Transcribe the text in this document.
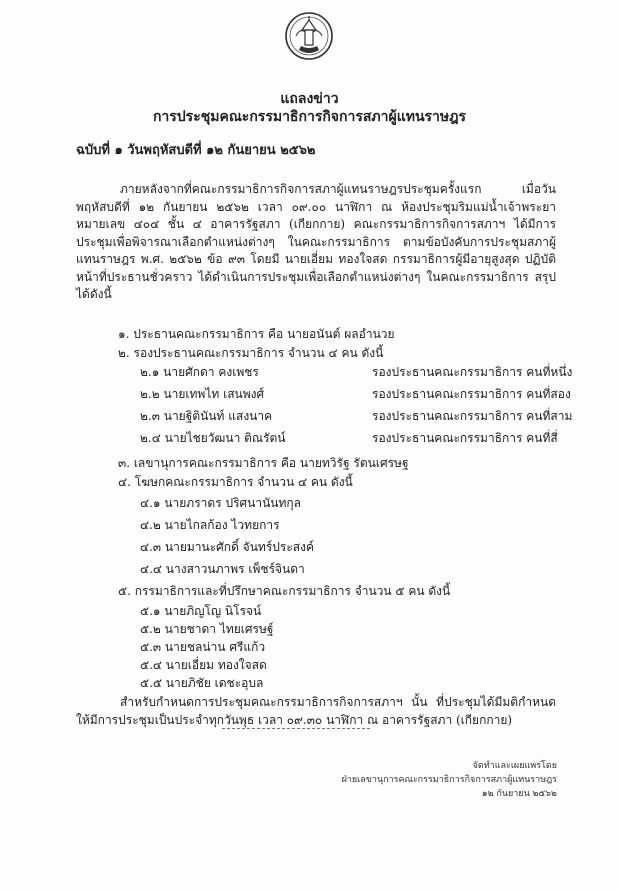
แถลงข่าว
การประชุมคณะกรรมาธิการกิจการสภาผู้แทนราษฎร
ฉบับที่ ๑ วันพฤหัสบดีที่ ๑๒ กันยายน ๒๕๖๒
ภายหลังจากที่คณะกรรมาธิการกิจการสภาผู้แทนราษฎรประชุมครั้งแรก เมื่อวันพฤหัสบดีที่ ๑๒ กันยายน ๒๕๖๒ เวลา ๐๙.๐๐ นาฬิกา ณ ห้องประชุมริมแม่น้ำเจ้าพระยา หมายเลข ๔๐๔ ชั้น ๔ อาคารรัฐสภา (เกียกกาย) คณะกรรมาธิการกิจการสภาฯ ได้มีการประชุมเพื่อพิจารณาเลือกตำแหน่งต่างๆ ในคณะกรรมาธิการ ตามข้อบังคับการประชุมสภาผู้แทนราษฎร พ.ศ. ๒๕๖๒ ข้อ ๙๓ โดยมี นายเอี่ยม ทองใจสด กรรมาธิการผู้มีอายุสูงสุด ปฏิบัติหน้าที่ประธานชั่วคราว ได้ดำเนินการประชุมเพื่อเลือกตำแหน่งต่างๆ ในคณะกรรมาธิการ สรุปได้ดังนี้
๑. ประธานคณะกรรมาธิการ คือ นายอนันต์ ผลอำนวย
๒. รองประธานคณะกรรมาธิการ จำนวน ๔ คน ดังนี้
๒.๑ นายศักดา คงเพชร	รองประธานคณะกรรมาธิการ คนที่หนึ่ง
๒.๒ นายเทพไท เสนพงศ์	รองประธานคณะกรรมาธิการ คนที่สอง
๒.๓ นายฐิตินันท์ แสงนาค	รองประธานคณะกรรมาธิการ คนที่สาม
๒.๔ นายไชยวัฒนา ติณรัตน์	รองประธานคณะกรรมาธิการ คนที่สี่
๓. เลขานุการคณะกรรมาธิการ คือ นายทวิรัฐ รัตนเศรษฐ
๔. โฆษกคณะกรรมาธิการ จำนวน ๔ คน ดังนี้
๔.๑ นายภราดร ปริศนานันทกุล
๔.๒ นายไกลก้อง ไวทยการ
๔.๓ นายมานะศักดิ์ จันทร์ประสงค์
๔.๔ นางสาวนภาพร เพ็ชร์จินดา
๕. กรรมาธิการและที่ปรึกษาคณะกรรมาธิการ จำนวน ๕ คน ดังนี้
๕.๑ นายภิญโญ นิโรจน์
๕.๒ นายชาดา ไทยเศรษฐ์
๕.๓ นายชลน่าน ศรีแก้ว
๕.๔ นายเอี่ยม ทองใจสด
๕.๕ นายภิชัย เดชะอุบล
สำหรับกำหนดการประชุมคณะกรรมาธิการกิจการสภาฯ นั้น ที่ประชุมได้มีมติกำหนดให้มีการประชุมเป็นประจำทุกวันพุธ เวลา ๐๙.๓๐ นาฬิกา ณ อาคารรัฐสภา (เกียกกาย)
จัดทำและเผยแพร่โดย
ฝ่ายเลขานุการคณะกรรมาธิการกิจการสภาผู้แทนราษฎร
๑๒ กันยายน ๒๕๖๒
